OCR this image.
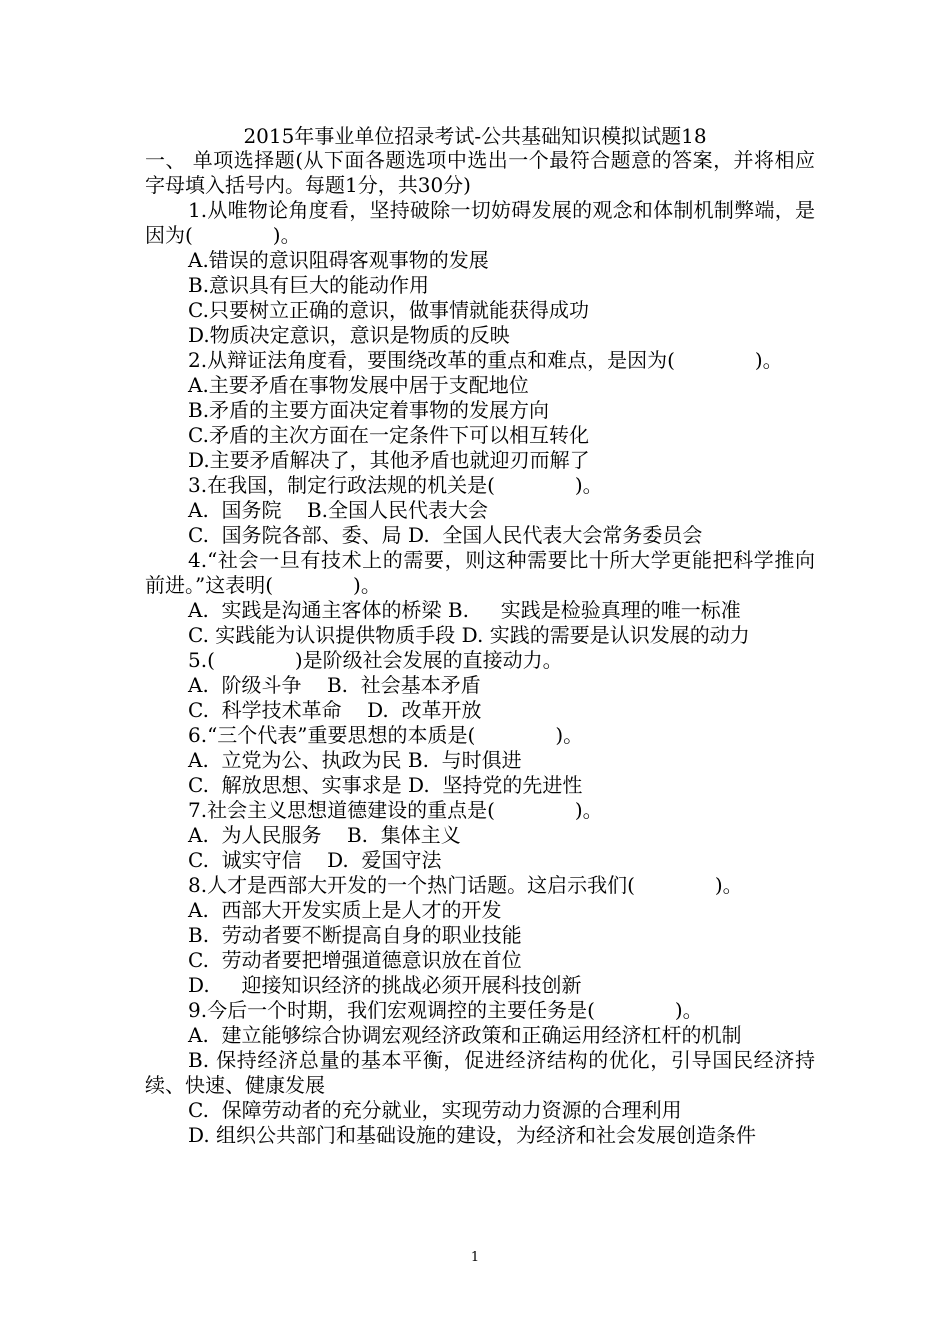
2015年事业单位招录考试-公共基础知识模拟试题18

一、 单项选择题(从下面各题选项中选出一个最符合题意的答案，并将相应字母填入括号内。每题1分，共30分)

1.从唯物论角度看，坚持破除一切妨碍发展的观念和体制机制弊端，是因为(　　　　)。

A.错误的意识阻碍客观事物的发展

B.意识具有巨大的能动作用

C.只要树立正确的意识，做事情就能获得成功

D.物质决定意识，意识是物质的反映

2.从辩证法角度看，要围绕改革的重点和难点，是因为(　　　　)。

A.主要矛盾在事物发展中居于支配地位

B.矛盾的主要方面决定着事物的发展方向

C.矛盾的主次方面在一定条件下可以相互转化

D.主要矛盾解决了，其他矛盾也就迎刃而解了

3.在我国，制定行政法规的机关是(　　　　)。

A.  国务院    B.全国人民代表大会

C.  国务院各部、委、局 D.  全国人民代表大会常务委员会

4.“社会一旦有技术上的需要，则这种需要比十所大学更能把科学推向前进。”这表明(　　　　)。

A.  实践是沟通主客体的桥梁 B.     实践是检验真理的唯一标准

C. 实践能为认识提供物质手段 D. 实践的需要是认识发展的动力

5.(　　　　)是阶级社会发展的直接动力。

A.  阶级斗争    B.  社会基本矛盾

C.  科学技术革命    D.  改革开放

6.“三个代表”重要思想的本质是(　　　　)。

A.  立党为公、执政为民 B.  与时俱进

C.  解放思想、实事求是 D.  坚持党的先进性

7.社会主义思想道德建设的重点是(　　　　)。

A.  为人民服务    B.  集体主义

C.  诚实守信    D.  爱国守法

8.人才是西部大开发的一个热门话题。这启示我们(　　　　)。

A.  西部大开发实质上是人才的开发

B.  劳动者要不断提高自身的职业技能

C.  劳动者要把增强道德意识放在首位

D.     迎接知识经济的挑战必须开展科技创新

9.今后一个时期，我们宏观调控的主要任务是(　　　　)。

A.  建立能够综合协调宏观经济政策和正确运用经济杠杆的机制

B. 保持经济总量的基本平衡，促进经济结构的优化，引导国民经济持续、快速、健康发展

C.  保障劳动者的充分就业，实现劳动力资源的合理利用

D. 组织公共部门和基础设施的建设，为经济和社会发展创造条件

1
